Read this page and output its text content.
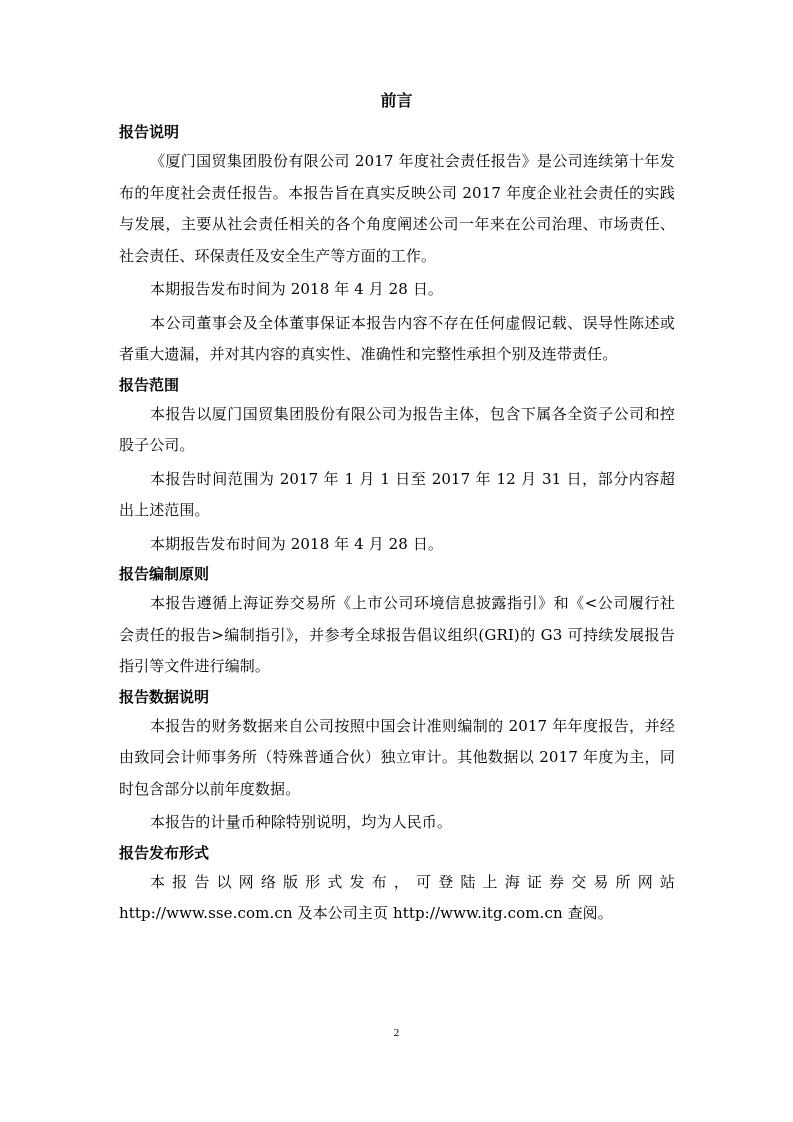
前言

报告说明

《厦门国贸集团股份有限公司 2017 年度社会责任报告》是公司连续第十年发布的年度社会责任报告。本报告旨在真实反映公司 2017 年度企业社会责任的实践与发展，主要从社会责任相关的各个角度阐述公司一年来在公司治理、市场责任、社会责任、环保责任及安全生产等方面的工作。

本期报告发布时间为 2018 年 4 月 28 日。

本公司董事会及全体董事保证本报告内容不存在任何虚假记载、误导性陈述或者重大遗漏，并对其内容的真实性、准确性和完整性承担个别及连带责任。

报告范围

本报告以厦门国贸集团股份有限公司为报告主体，包含下属各全资子公司和控股子公司。

本报告时间范围为 2017 年 1 月 1 日至 2017 年 12 月 31 日，部分内容超出上述范围。

本期报告发布时间为 2018 年 4 月 28 日。

报告编制原则

本报告遵循上海证券交易所《上市公司环境信息披露指引》和《<公司履行社会责任的报告>编制指引》，并参考全球报告倡议组织(GRI)的 G3 可持续发展报告指引等文件进行编制。

报告数据说明

本报告的财务数据来自公司按照中国会计准则编制的 2017 年年度报告，并经由致同会计师事务所（特殊普通合伙）独立审计。其他数据以 2017 年度为主，同时包含部分以前年度数据。

本报告的计量币种除特别说明，均为人民币。

报告发布形式

本报告以网络版形式发布，可登陆上海证券交易所网站 http://www.sse.com.cn 及本公司主页 http://www.itg.com.cn 查阅。

2
